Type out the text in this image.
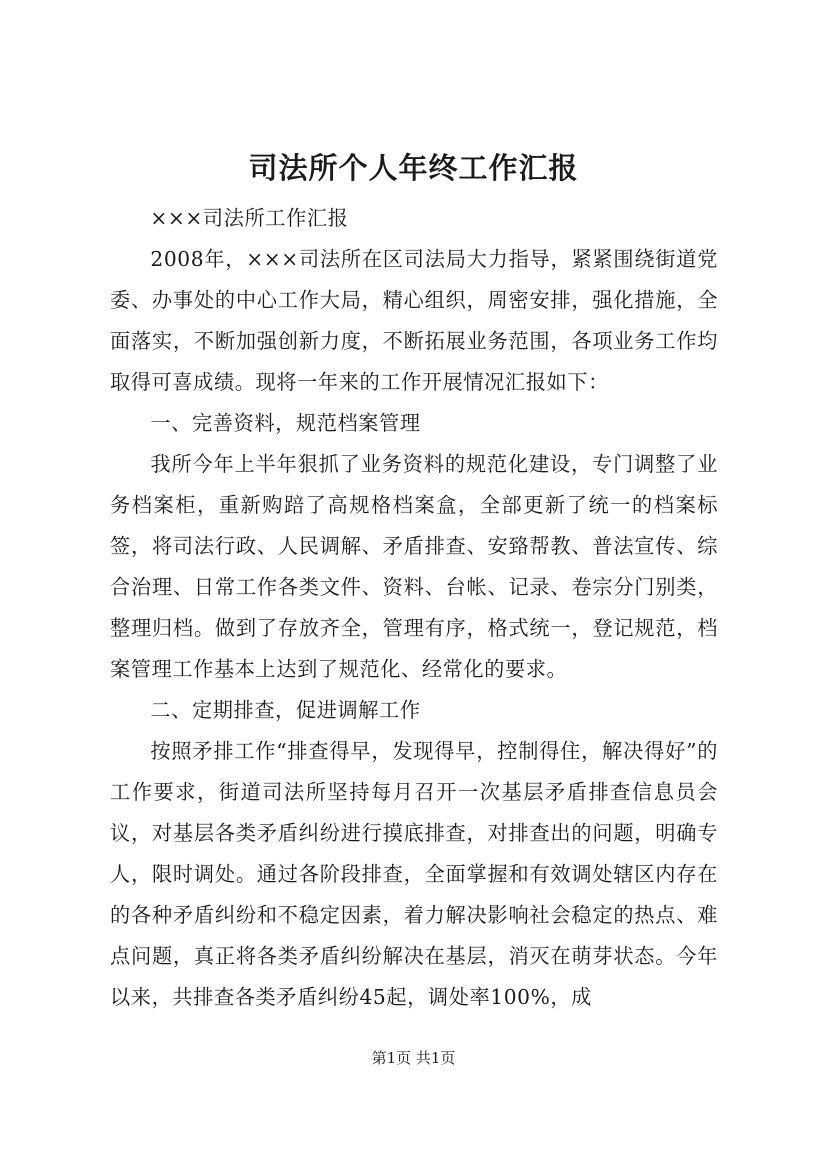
司法所个人年终工作汇报

×××司法所工作汇报

2008年，×××司法所在区司法局大力指导，紧紧围绕街道党委、办事处的中心工作大局，精心组织，周密安排，强化措施，全面落实，不断加强创新力度，不断拓展业务范围，各项业务工作均取得可喜成绩。现将一年来的工作开展情况汇报如下：

一、完善资料，规范档案管理

我所今年上半年狠抓了业务资料的规范化建设，专门调整了业务档案柜，重新购踣了高规格档案盒，全部更新了统一的档案标签，将司法行政、人民调解、矛盾排查、安臵帮教、普法宣传、综合治理、日常工作各类文件、资料、台帐、记录、卷宗分门别类，整理归档。做到了存放齐全，管理有序，格式统一，登记规范，档案管理工作基本上达到了规范化、经常化的要求。

二、定期排查，促进调解工作

按照矛排工作“排查得早，发现得早，控制得住，解决得好”的工作要求，街道司法所坚持每月召开一次基层矛盾排查信息员会议，对基层各类矛盾纠纷进行摸底排查，对排查出的问题，明确专人，限时调处。通过各阶段排查，全面掌握和有效调处辖区内存在的各种矛盾纠纷和不稳定因素，着力解决影响社会稳定的热点、难点问题，真正将各类矛盾纠纷解决在基层，消灭在萌芽状态。今年以来，共排查各类矛盾纠纷45起，调处率100%，成

第1页 共1页
